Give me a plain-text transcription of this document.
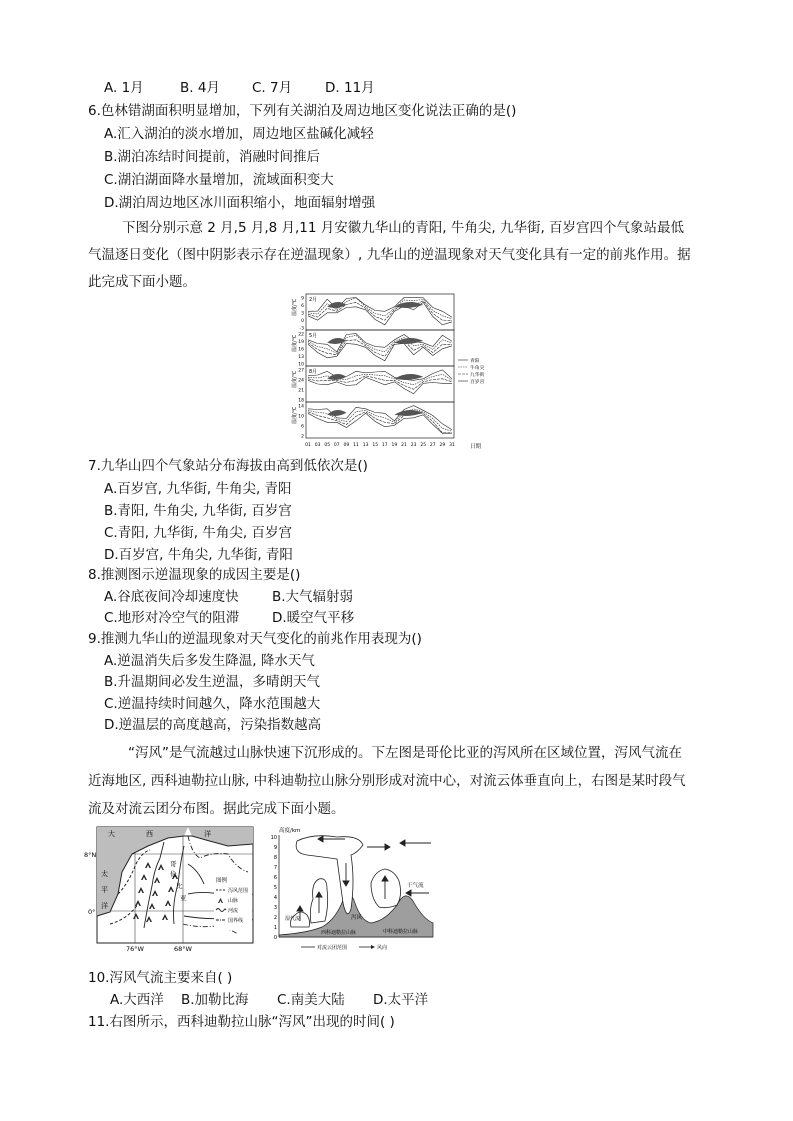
A. 1月	B. 4月 C. 7月 D. 11月
6.色林错湖面积明显增加，下列有关湖泊及周边地区变化说法正确的是()
A.汇入湖泊的淡水增加，周边地区盐碱化减轻
B.湖泊冻结时间提前，消融时间推后
C.湖泊湖面降水量增加，流域面积变大
D.湖泊周边地区冰川面积缩小，地面辐射增强
下图分别示意 2 月,5 月,8 月,11 月安徽九华山的青阳, 牛角尖, 九华街, 百岁宫四个气象站最低
气温逐日变化（图中阴影表示存在逆温现象）, 九华山的逆温现象对天气变化具有一定的前兆作用。据
此完成下面小题。
温度/℃ 9
6
3
0
-3
2月
温度/℃ 22
19
16
13
10
5月
温度/℃ 27
24
21
18
8月
温度/℃ 14
10
6
2
青阳
牛角尖
九华街
百岁宫
01 03 05 07 09 11 13 15 17 19 21 23 25 27 29 31	日期
7.九华山四个气象站分布海拔由高到低依次是()
A.百岁宫, 九华街, 牛角尖, 青阳
B.青阳, 牛角尖, 九华街, 百岁宫
C.青阳, 九华街, 牛角尖, 百岁宫
D.百岁宫, 牛角尖, 九华街, 青阳
8.推测图示逆温现象的成因主要是()
A.谷底夜间冷却速度快 B.大气辐射弱
C.地形对冷空气的阻滞 D.暖空气平移
9.推测九华山的逆温现象对天气变化的前兆作用表现为()
A.逆温消失后多发生降温, 降水天气
B.升温期间必发生逆温，多晴朗天气
C.逆温持续时间越久，降水范围越大
D.逆温层的高度越高，污染指数越高
“泻风”是气流越过山脉快速下沉形成的。下左图是哥伦比亚的泻风所在区域位置，泻风气流在
近海地区, 西科迪勒拉山脉, 中科迪勒拉山脉分别形成对流中心，对流云体垂直向上，右图是某时段气
流及对流云团分布图。据此完成下面小题。
大	西	洋
太
平
洋
哥
伦
比
亚
8°N
0°
76°W	68°W
图例
泻风范围
山脉
河流
国界线
高度/km
10
9
8
7
6
5
4
3
2
1
0
干气流
湿气流	泻风
西科迪勒拉山脉	中科迪勒拉山脉
对流云团范围	风向
10.泻风气流主要来自( )
A.大西洋 B.加勒比海 C.南美大陆 D.太平洋
11.右图所示，西科迪勒拉山脉“泻风”出现的时间( )
